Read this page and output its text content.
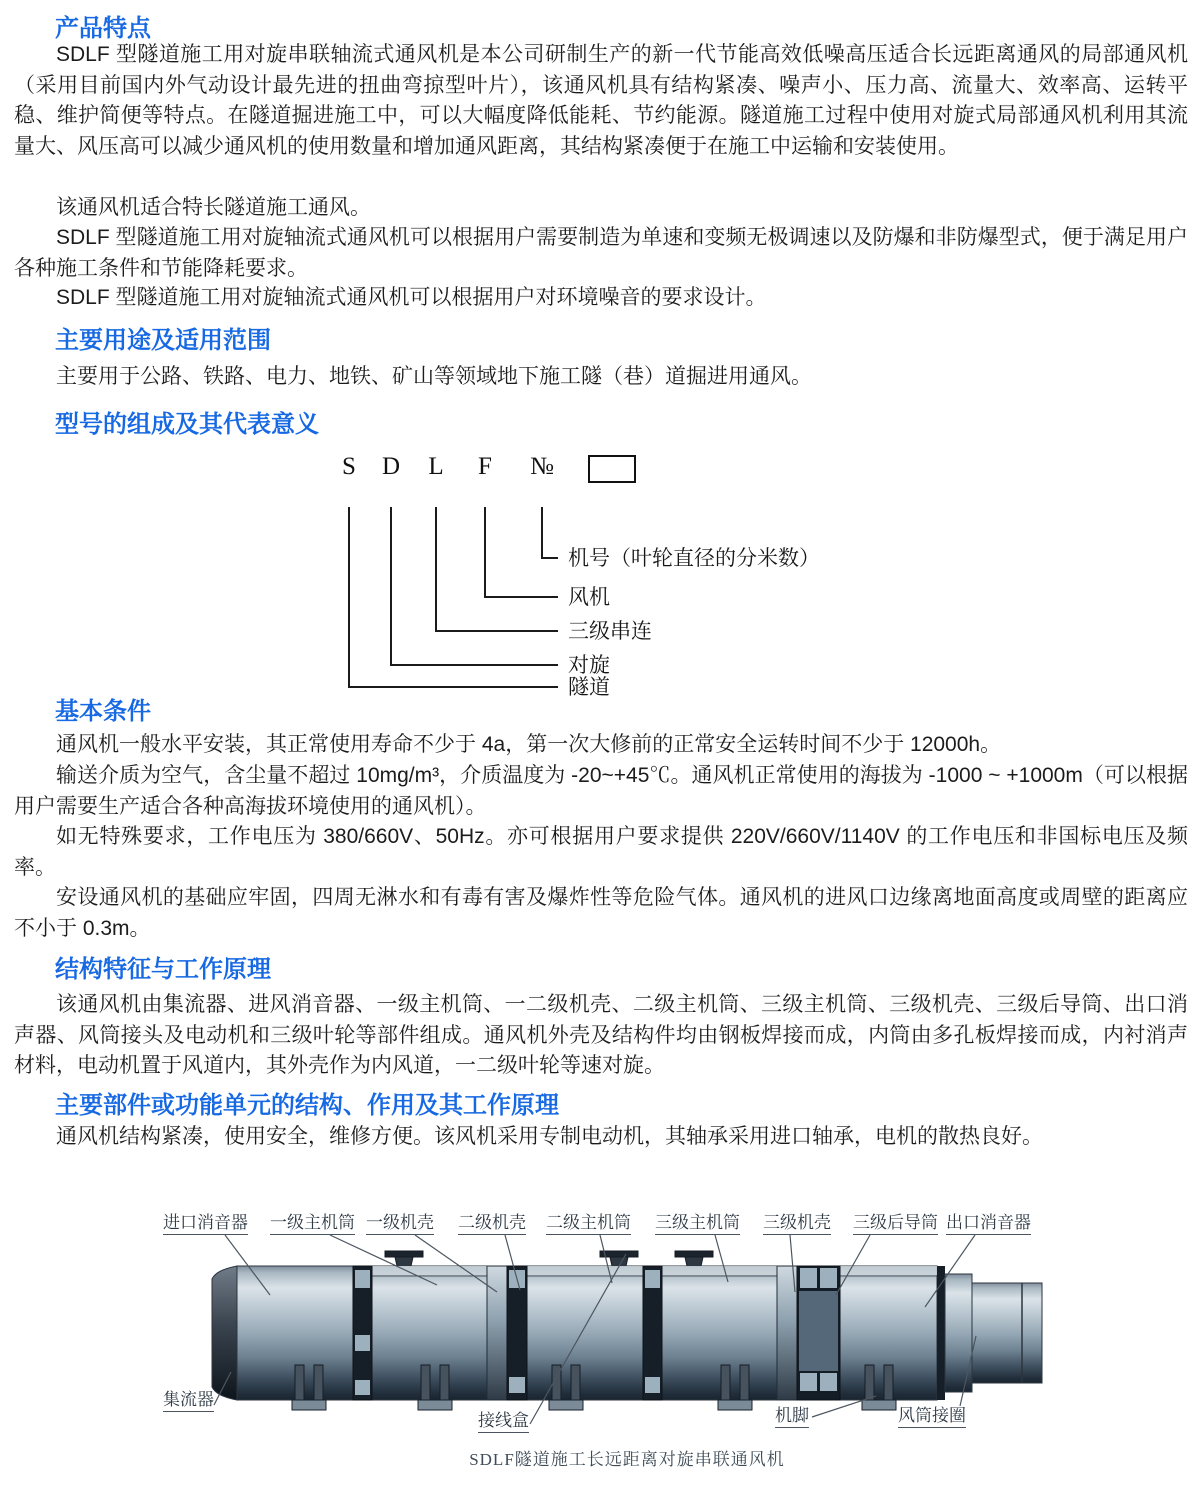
产品特点
SDLF 型隧道施工用对旋串联轴流式通风机是本公司研制生产的新一代节能高效低噪高压适合长远距离通风的局部通风机（采用目前国内外气动设计最先进的扭曲弯掠型叶片），该通风机具有结构紧凑、噪声小、压力高、流量大、效率高、运转平稳、维护简便等特点。在隧道掘进施工中，可以大幅度降低能耗、节约能源。隧道施工过程中使用对旋式局部通风机利用其流量大、风压高可以减少通风机的使用数量和增加通风距离，其结构紧凑便于在施工中运输和安装使用。
该通风机适合特长隧道施工通风。
SDLF 型隧道施工用对旋轴流式通风机可以根据用户需要制造为单速和变频无极调速以及防爆和非防爆型式，便于满足用户各种施工条件和节能降耗要求。
SDLF 型隧道施工用对旋轴流式通风机可以根据用户对环境噪音的要求设计。
主要用途及适用范围
主要用于公路、铁路、电力、地铁、矿山等领域地下施工隧（巷）道掘进用通风。
型号的组成及其代表意义
S D L F №
机号（叶轮直径的分米数）
风机
三级串连
对旋
隧道
基本条件
通风机一般水平安装，其正常使用寿命不少于 4a，第一次大修前的正常安全运转时间不少于 12000h。
输送介质为空气，含尘量不超过 10mg/m³，介质温度为 -20~+45℃。通风机正常使用的海拔为 -1000 ~ +1000m（可以根据用户需要生产适合各种高海拔环境使用的通风机）。
如无特殊要求，工作电压为 380/660V、50Hz。亦可根据用户要求提供 220V/660V/1140V 的工作电压和非国标电压及频率。
安设通风机的基础应牢固，四周无淋水和有毒有害及爆炸性等危险气体。通风机的进风口边缘离地面高度或周壁的距离应不小于 0.3m。
结构特征与工作原理
该通风机由集流器、进风消音器、一级主机筒、一二级机壳、二级主机筒、三级主机筒、三级机壳、三级后导筒、出口消声器、风筒接头及电动机和三级叶轮等部件组成。通风机外壳及结构件均由钢板焊接而成，内筒由多孔板焊接而成，内衬消声材料，电动机置于风道内，其外壳作为内风道，一二级叶轮等速对旋。
主要部件或功能单元的结构、作用及其工作原理
通风机结构紧凑，使用安全，维修方便。该风机采用专制电动机，其轴承采用进口轴承，电机的散热良好。
进口消音器 一级主机筒 一级机壳 二级机壳 二级主机筒 三级主机筒 三级机壳 三级后导筒 出口消音器
集流器
接线盒	机脚	风筒接圈
SDLF隧道施工长远距离对旋串联通风机
